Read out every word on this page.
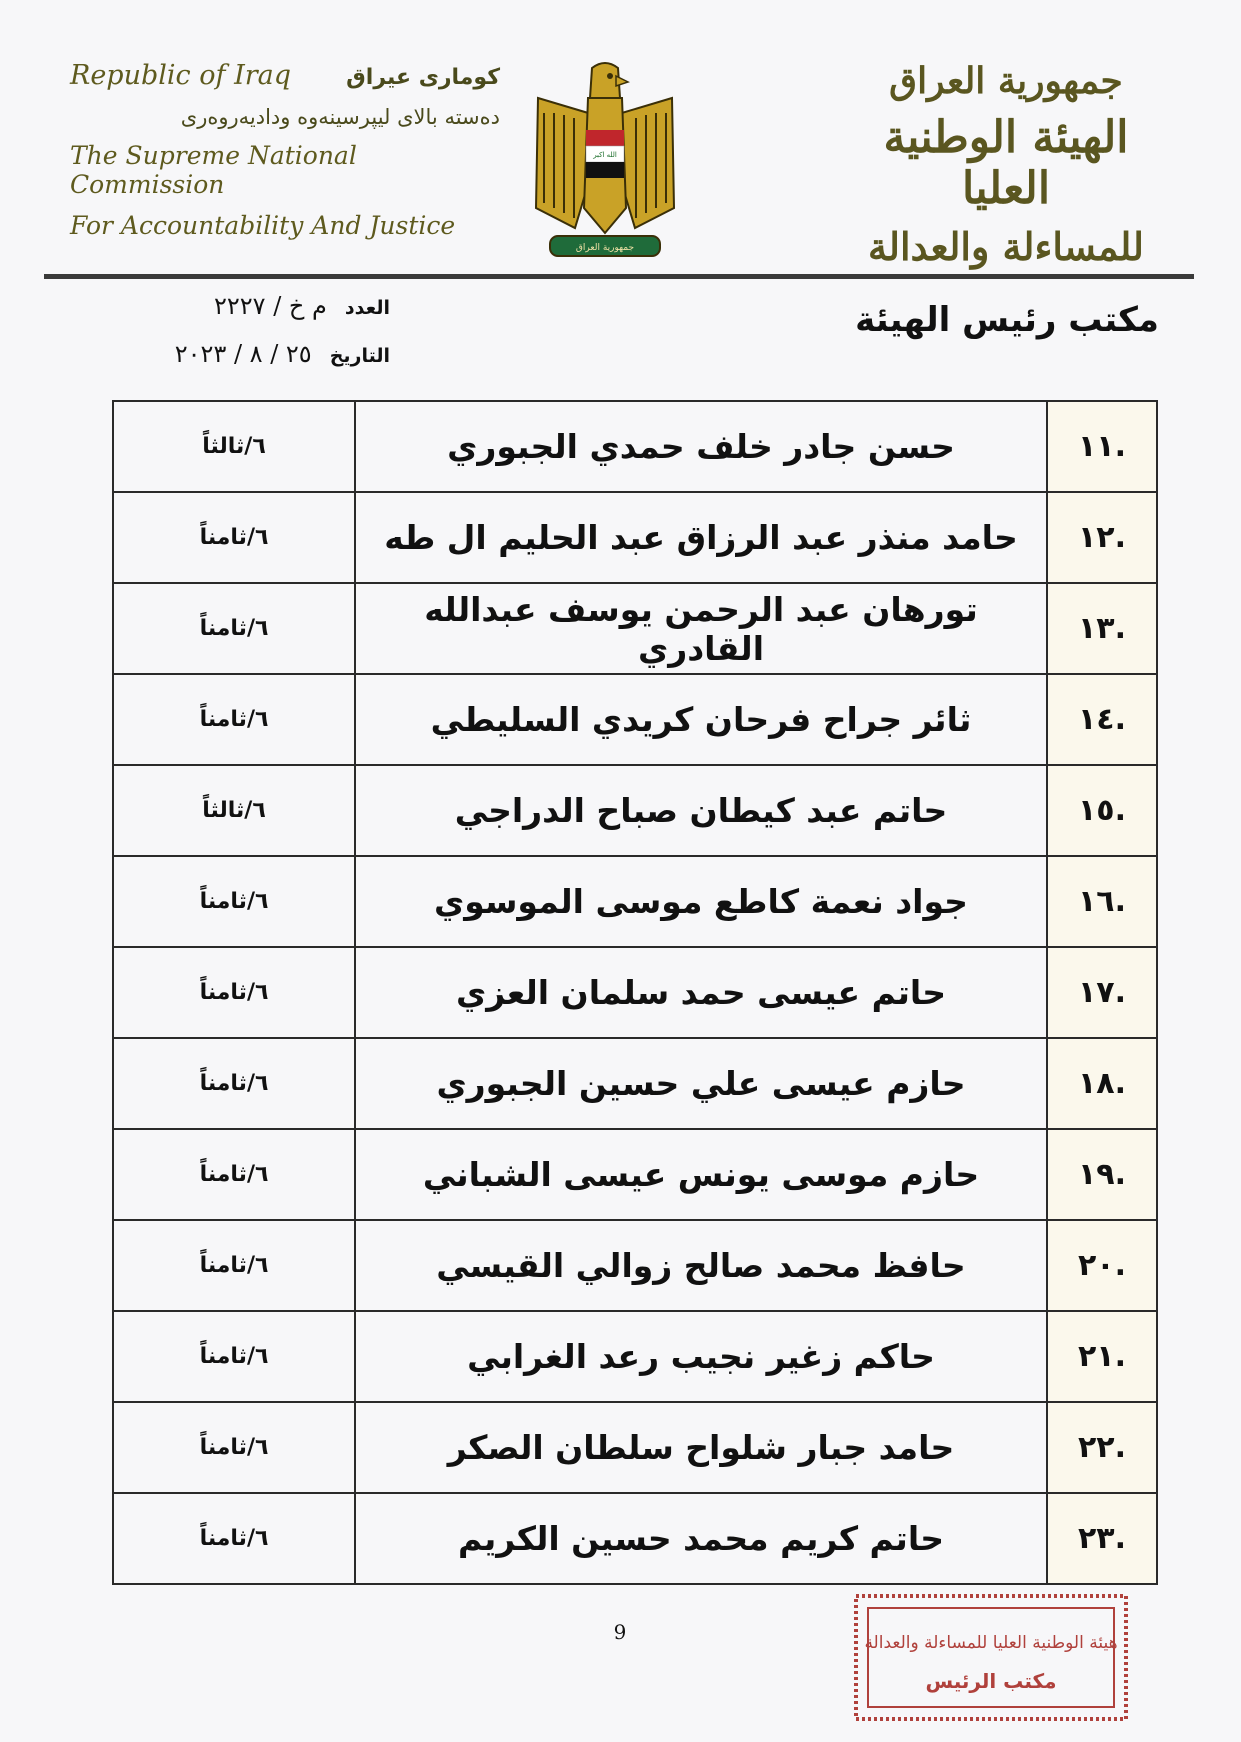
Republic of Iraq	كوماری عیراق
دەستە بالای لیپرسینەوە ودادیەروەری
The Supreme National Commission
For Accountability And Justice
الله اكبر
جمهورية العراق
جمهورية العراق
الهيئة الوطنية العليا
للمساءلة والعدالة
العدد
م خ / ٢٢٢٧
التاريخ
٢٥ / ٨ / ٢٠٢٣
مكتب رئيس الهيئة
.١١	حسن جادر خلف حمدي الجبوري	٦/ثالثاً
.١٢	حامد منذر عبد الرزاق عبد الحليم ال طه	٦/ثامناً
.١٣	تورهان عبد الرحمن يوسف عبدالله القادري	٦/ثامناً
.١٤	ثائر جراح فرحان كريدي السليطي	٦/ثامناً
.١٥	حاتم عبد كيطان صباح الدراجي	٦/ثالثاً
.١٦	جواد نعمة كاطع موسى الموسوي	٦/ثامناً
.١٧	حاتم عيسى حمد سلمان العزي	٦/ثامناً
.١٨	حازم عيسى علي حسين الجبوري	٦/ثامناً
.١٩	حازم موسى يونس عيسى الشباني	٦/ثامناً
.٢٠	حافظ محمد صالح زوالي القيسي	٦/ثامناً
.٢١	حاكم زغير نجيب رعد الغرابي	٦/ثامناً
.٢٢	حامد جبار شلواح سلطان الصكر	٦/ثامناً
.٢٣	حاتم كريم محمد حسين الكريم	٦/ثامناً
9	هيئة الوطنية العليا للمساءلة والعدالة
مكتب الرئيس
